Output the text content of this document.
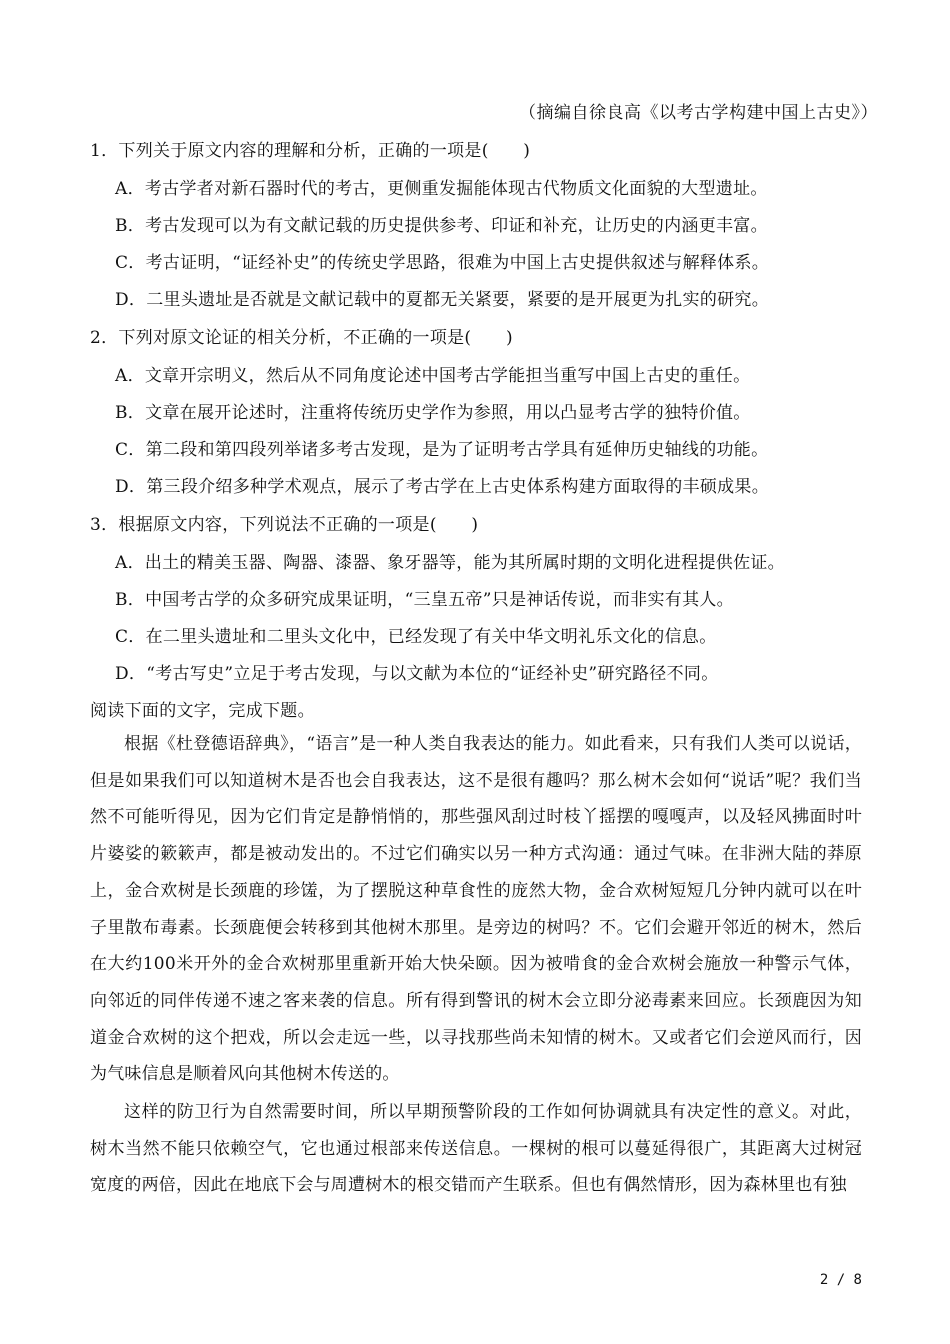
（摘编自徐良高《以考古学构建中国上古史》）
1．下列关于原文内容的理解和分析，正确的一项是(　　)
A．考古学者对新石器时代的考古，更侧重发掘能体现古代物质文化面貌的大型遗址。
B．考古发现可以为有文献记载的历史提供参考、印证和补充，让历史的内涵更丰富。
C．考古证明，“证经补史”的传统史学思路，很难为中国上古史提供叙述与解释体系。
D．二里头遗址是否就是文献记载中的夏都无关紧要，紧要的是开展更为扎实的研究。
2．下列对原文论证的相关分析，不正确的一项是(　　)
A．文章开宗明义，然后从不同角度论述中国考古学能担当重写中国上古史的重任。
B．文章在展开论述时，注重将传统历史学作为参照，用以凸显考古学的独特价值。
C．第二段和第四段列举诸多考古发现，是为了证明考古学具有延伸历史轴线的功能。
D．第三段介绍多种学术观点，展示了考古学在上古史体系构建方面取得的丰硕成果。
3．根据原文内容，下列说法不正确的一项是(　　)
A．出土的精美玉器、陶器、漆器、象牙器等，能为其所属时期的文明化进程提供佐证。
B．中国考古学的众多研究成果证明，“三皇五帝”只是神话传说，而非实有其人。
C．在二里头遗址和二里头文化中，已经发现了有关中华文明礼乐文化的信息。
D．“考古写史”立足于考古发现，与以文献为本位的“证经补史”研究路径不同。
阅读下面的文字，完成下题。
根据《杜登德语辞典》，“语言”是一种人类自我表达的能力。如此看来，只有我们人类可以说话，但是如果我们可以知道树木是否也会自我表达，这不是很有趣吗？那么树木会如何“说话”呢？我们当然不可能听得见，因为它们肯定是静悄悄的，那些强风刮过时枝丫摇摆的嘎嘎声，以及轻风拂面时叶片婆娑的簌簌声，都是被动发出的。不过它们确实以另一种方式沟通：通过气味。在非洲大陆的莽原上，金合欢树是长颈鹿的珍馐，为了摆脱这种草食性的庞然大物，金合欢树短短几分钟内就可以在叶子里散布毒素。长颈鹿便会转移到其他树木那里。是旁边的树吗？不。它们会避开邻近的树木，然后在大约100米开外的金合欢树那里重新开始大快朵颐。因为被啃食的金合欢树会施放一种警示气体，向邻近的同伴传递不速之客来袭的信息。所有得到警讯的树木会立即分泌毒素来回应。长颈鹿因为知道金合欢树的这个把戏，所以会走远一些，以寻找那些尚未知情的树木。又或者它们会逆风而行，因为气味信息是顺着风向其他树木传送的。
这样的防卫行为自然需要时间，所以早期预警阶段的工作如何协调就具有决定性的意义。对此，树木当然不能只依赖空气，它也通过根部来传送信息。一棵树的根可以蔓延得很广，其距离大过树冠宽度的两倍，因此在地底下会与周遭树木的根交错而产生联系。但也有偶然情形，因为森林里也有独
2 / 8
